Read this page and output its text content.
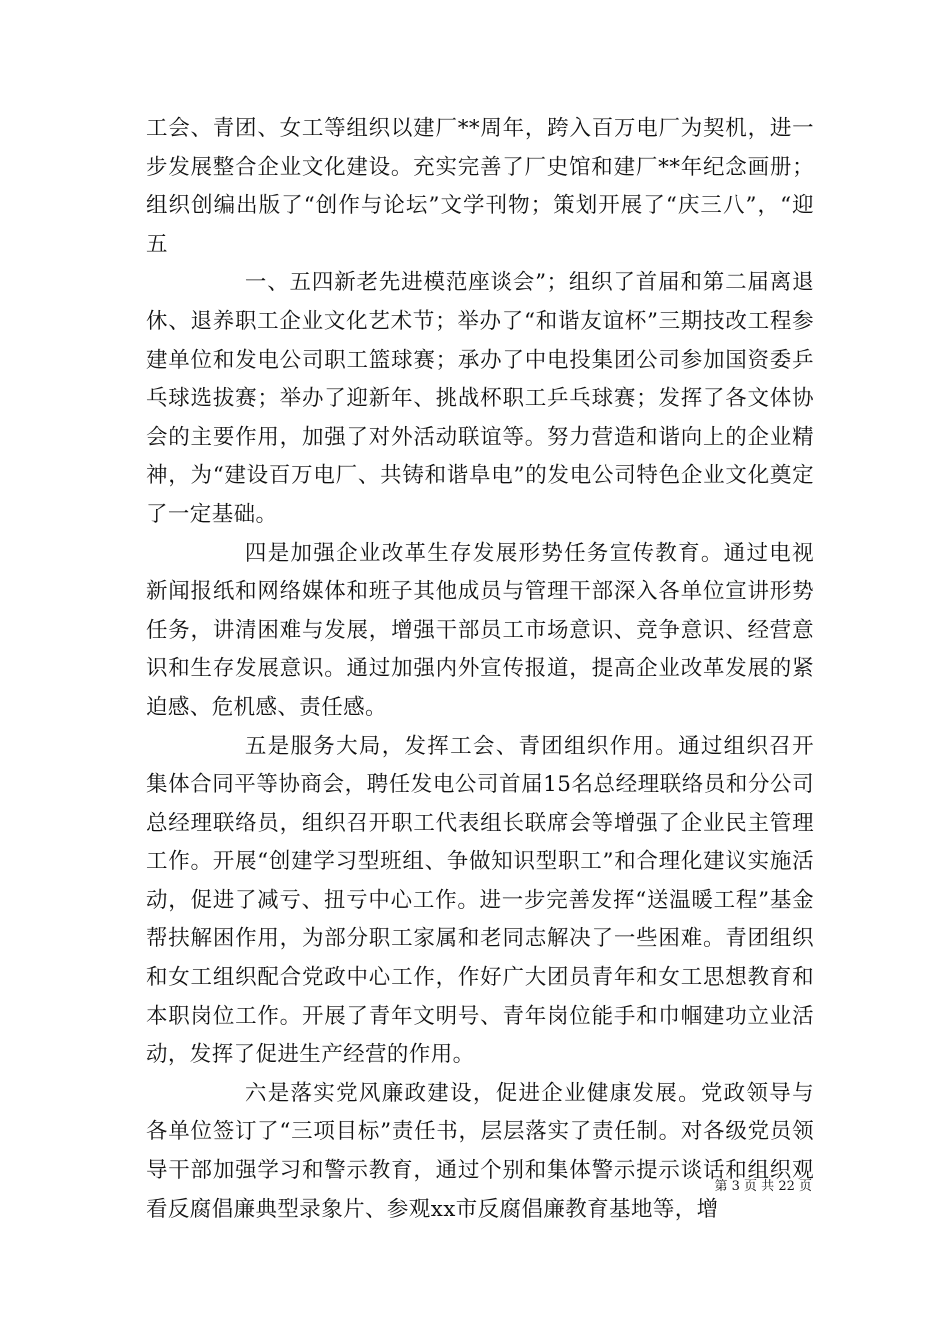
工会、青团、女工等组织以建厂**周年，跨入百万电厂为契机，进一步发展整合企业文化建设。充实完善了厂史馆和建厂**年纪念画册；组织创编出版了“创作与论坛”文学刊物；策划开展了“庆三八”，“迎五

一、五四新老先进模范座谈会”；组织了首届和第二届离退休、退养职工企业文化艺术节；举办了“和谐友谊杯”三期技改工程参建单位和发电公司职工篮球赛；承办了中电投集团公司参加国资委乒乓球选拔赛；举办了迎新年、挑战杯职工乒乓球赛；发挥了各文体协会的主要作用，加强了对外活动联谊等。努力营造和谐向上的企业精神，为“建设百万电厂、共铸和谐阜电”的发电公司特色企业文化奠定了一定基础。

四是加强企业改革生存发展形势任务宣传教育。通过电视新闻报纸和网络媒体和班子其他成员与管理干部深入各单位宣讲形势任务，讲清困难与发展，增强干部员工市场意识、竞争意识、经营意识和生存发展意识。通过加强内外宣传报道，提高企业改革发展的紧迫感、危机感、责任感。

五是服务大局，发挥工会、青团组织作用。通过组织召开集体合同平等协商会，聘任发电公司首届15名总经理联络员和分公司总经理联络员，组织召开职工代表组长联席会等增强了企业民主管理工作。开展“创建学习型班组、争做知识型职工”和合理化建议实施活动，促进了减亏、扭亏中心工作。进一步完善发挥“送温暖工程”基金帮扶解困作用，为部分职工家属和老同志解决了一些困难。青团组织和女工组织配合党政中心工作，作好广大团员青年和女工思想教育和本职岗位工作。开展了青年文明号、青年岗位能手和巾帼建功立业活动，发挥了促进生产经营的作用。

六是落实党风廉政建设，促进企业健康发展。党政领导与各单位签订了“三项目标”责任书，层层落实了责任制。对各级党员领导干部加强学习和警示教育，通过个别和集体警示提示谈话和组织观看反腐倡廉典型录象片、参观xx市反腐倡廉教育基地等，增

第 3 页 共 22 页
